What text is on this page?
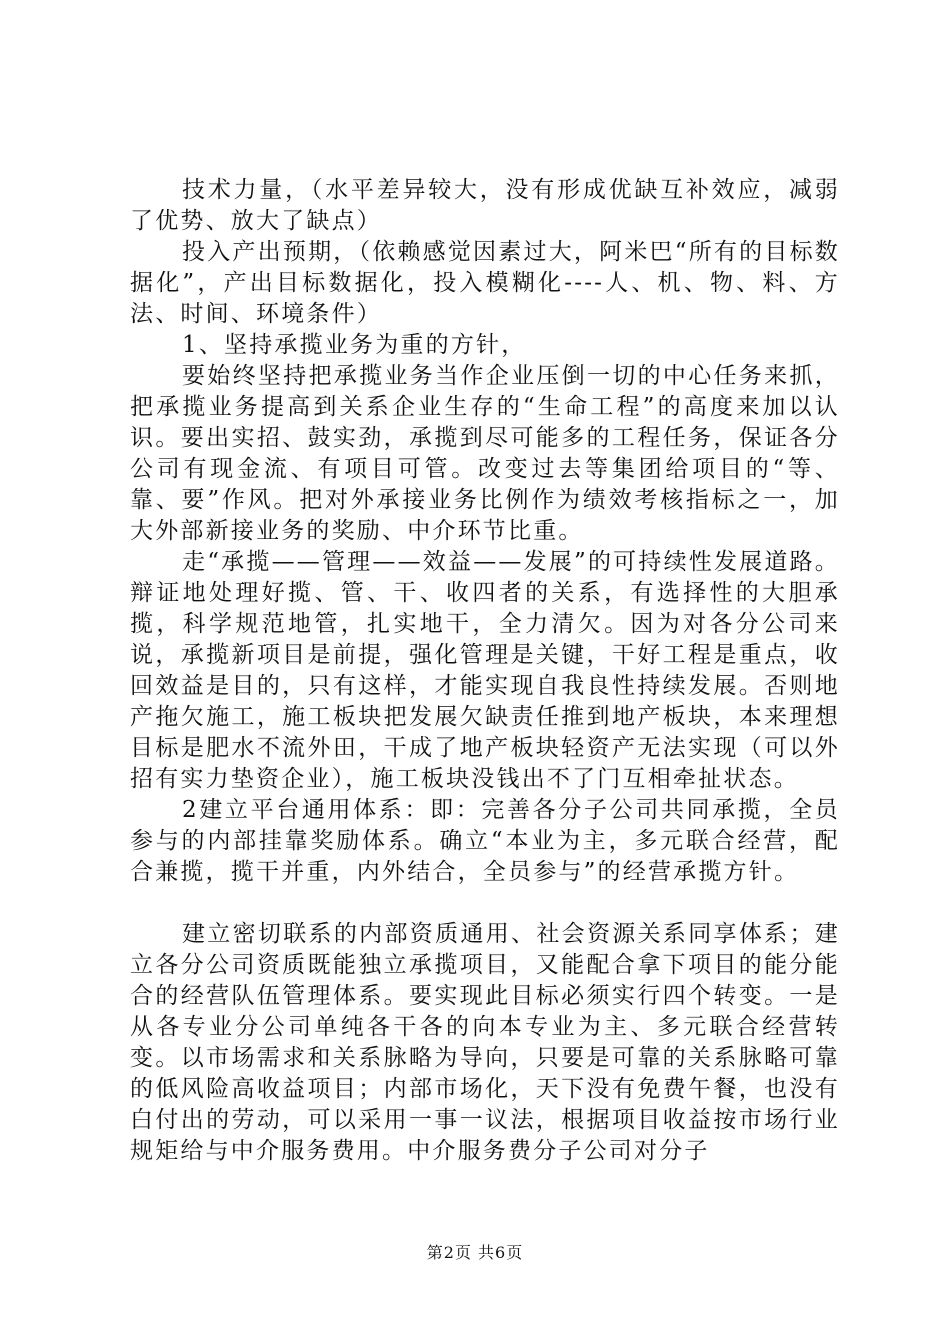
技术力量，（水平差异较大，没有形成优缺互补效应，减弱了优势、放大了缺点）

投入产出预期，（依赖感觉因素过大，阿米巴“所有的目标数据化”，产出目标数据化，投入模糊化----人、机、物、料、方法、时间、环境条件）

1、坚持承揽业务为重的方针，

要始终坚持把承揽业务当作企业压倒一切的中心任务来抓，把承揽业务提高到关系企业生存的“生命工程”的高度来加以认识。要出实招、鼓实劲，承揽到尽可能多的工程任务，保证各分公司有现金流、有项目可管。改变过去等集团给项目的“等、靠、要”作风。把对外承接业务比例作为绩效考核指标之一，加大外部新接业务的奖励、中介环节比重。

走“承揽——管理——效益——发展”的可持续性发展道路。辩证地处理好揽、管、干、收四者的关系，有选择性的大胆承揽，科学规范地管，扎实地干，全力清欠。因为对各分公司来说，承揽新项目是前提，强化管理是关键，干好工程是重点，收回效益是目的，只有这样，才能实现自我良性持续发展。否则地产拖欠施工，施工板块把发展欠缺责任推到地产板块，本来理想目标是肥水不流外田，干成了地产板块轻资产无法实现（可以外招有实力垫资企业），施工板块没钱出不了门互相牵扯状态。

2建立平台通用体系：即：完善各分子公司共同承揽，全员参与的内部挂靠奖励体系。确立“本业为主，多元联合经营，配合兼揽，揽干并重，内外结合，全员参与”的经营承揽方针。

建立密切联系的内部资质通用、社会资源关系同享体系；建立各分公司资质既能独立承揽项目，又能配合拿下项目的能分能合的经营队伍管理体系。要实现此目标必须实行四个转变。一是从各专业分公司单纯各干各的向本专业为主、多元联合经营转变。以市场需求和关系脉略为导向，只要是可靠的关系脉略可靠的低风险高收益项目；内部市场化，天下没有免费午餐，也没有白付出的劳动，可以采用一事一议法，根据项目收益按市场行业规矩给与中介服务费用。中介服务费分子公司对分子

第2页 共6页
